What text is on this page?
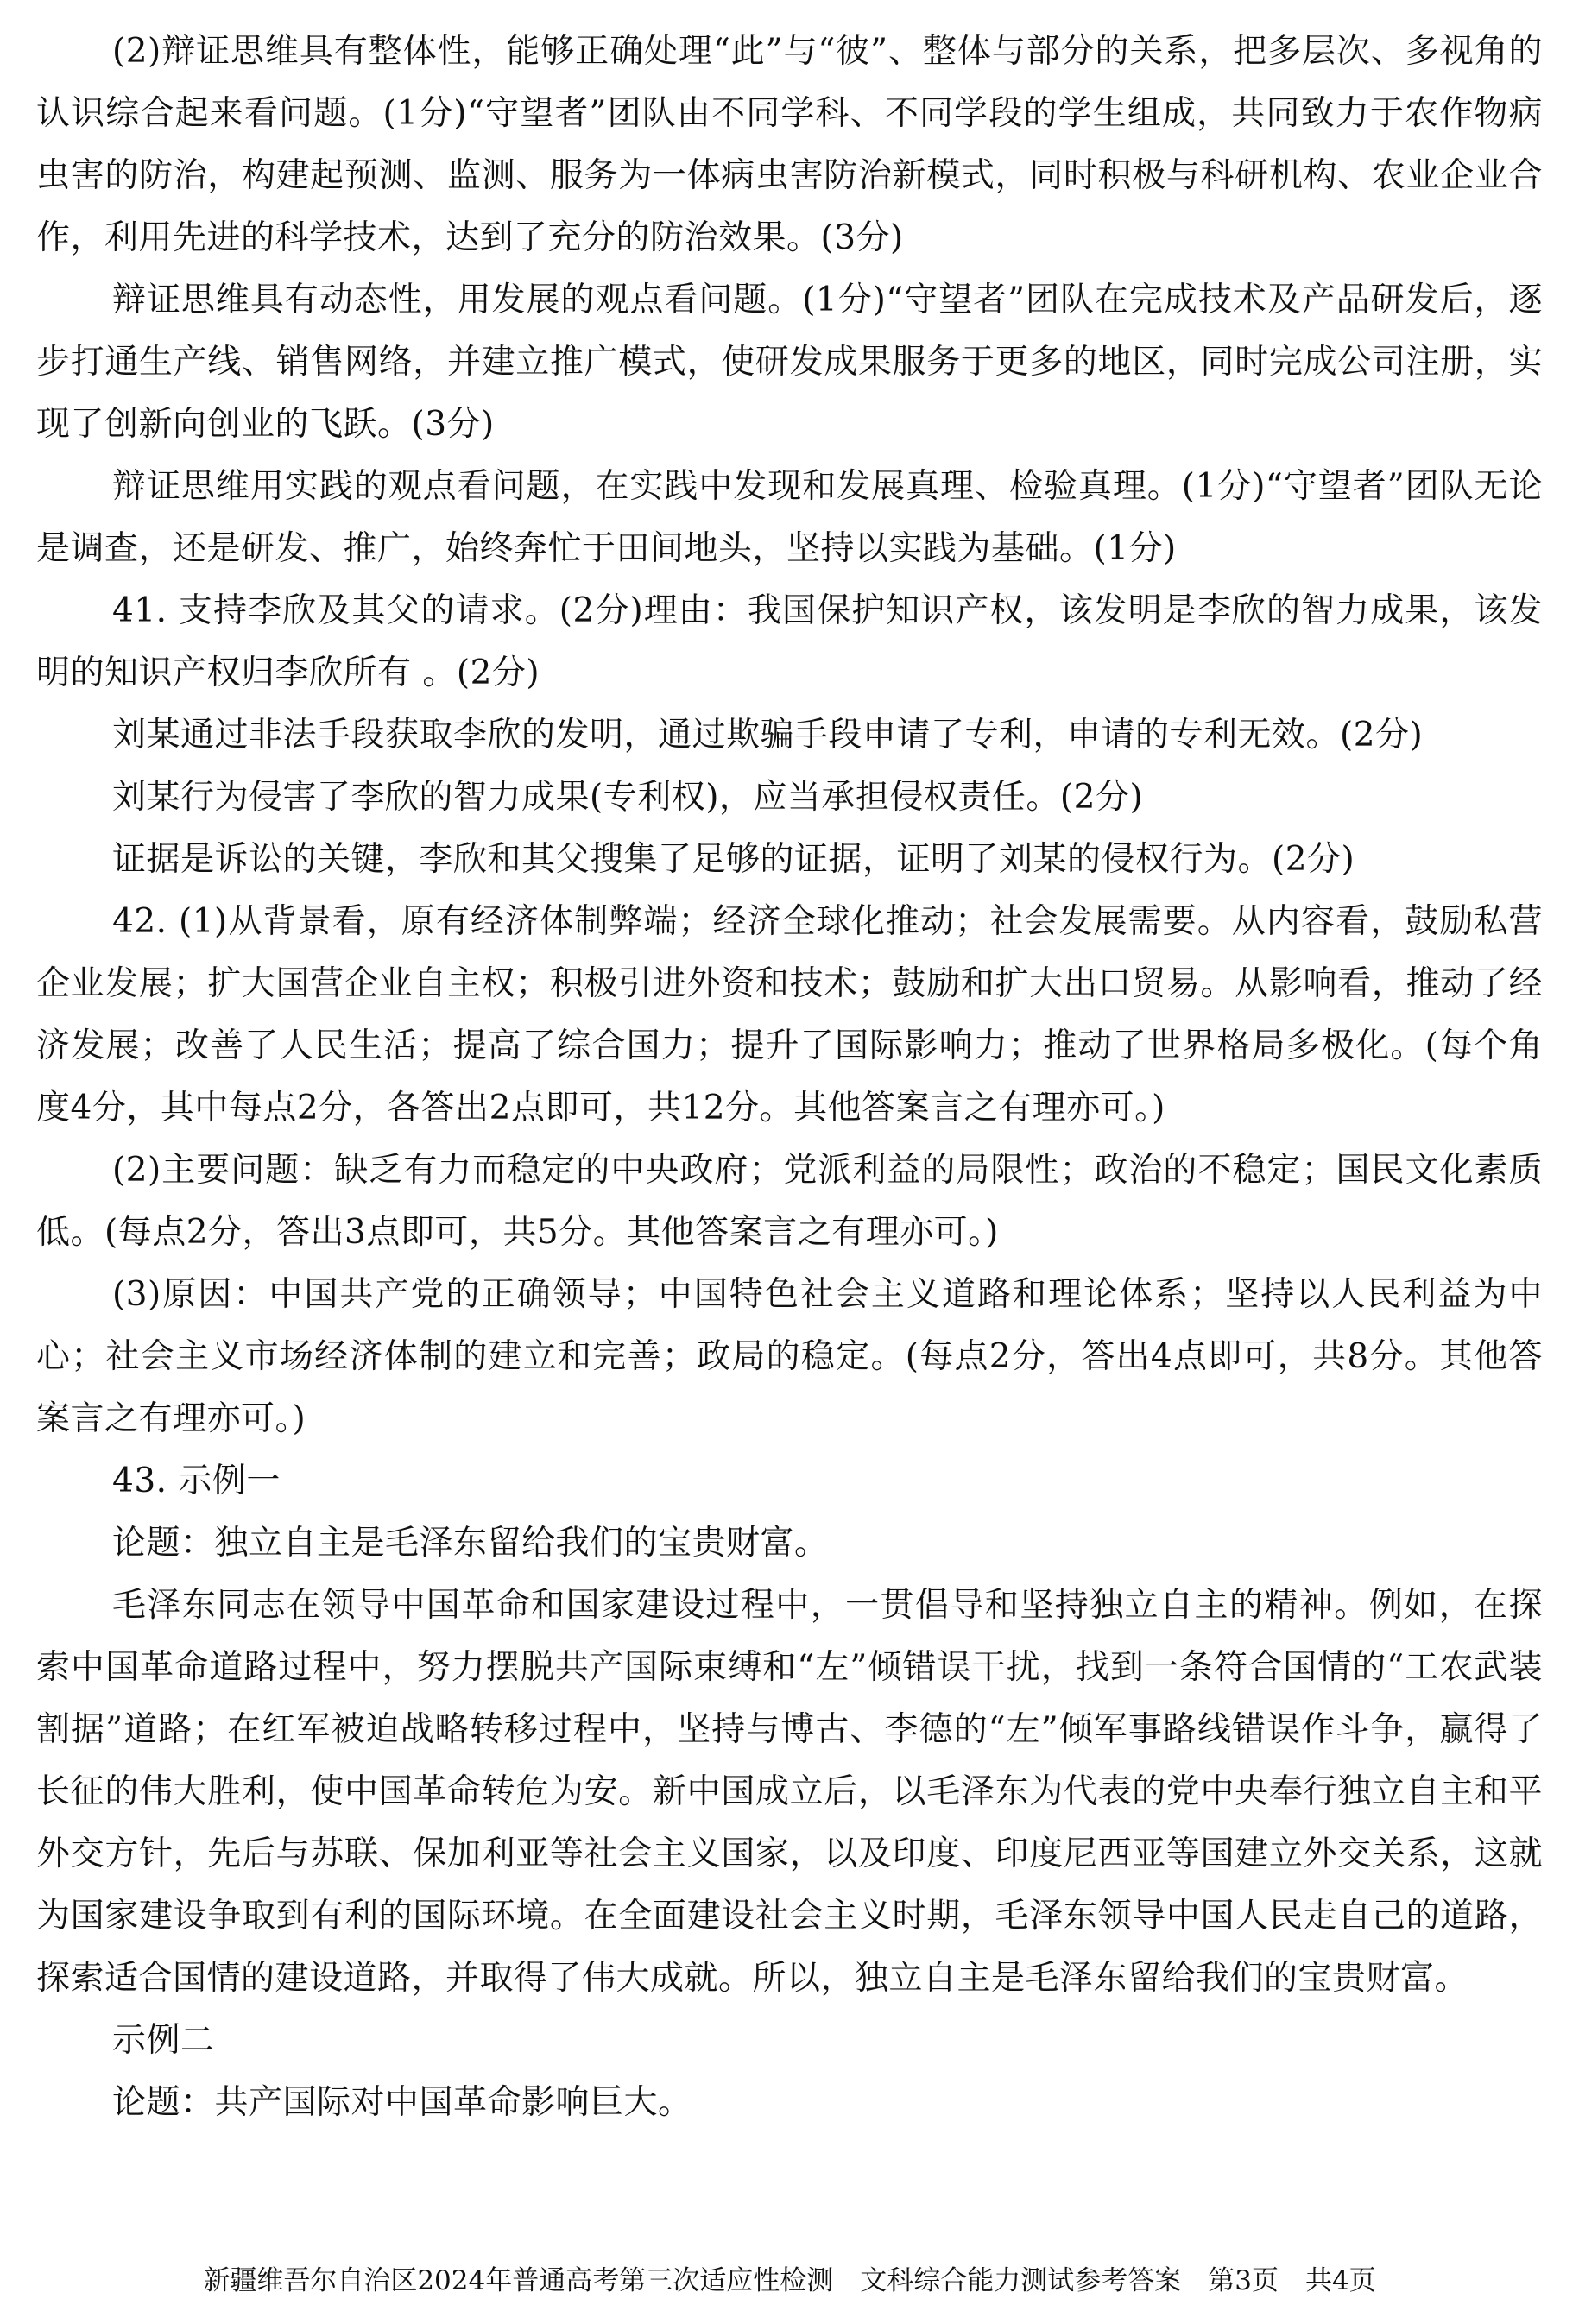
(2)辩证思维具有整体性，能够正确处理“此”与“彼”、整体与部分的关系，把多层次、多视角的认识综合起来看问题。(1分)“守望者”团队由不同学科、不同学段的学生组成，共同致力于农作物病虫害的防治，构建起预测、监测、服务为一体病虫害防治新模式，同时积极与科研机构、农业企业合作，利用先进的科学技术，达到了充分的防治效果。(3分)

辩证思维具有动态性，用发展的观点看问题。(1分)“守望者”团队在完成技术及产品研发后，逐步打通生产线、销售网络，并建立推广模式，使研发成果服务于更多的地区，同时完成公司注册，实现了创新向创业的飞跃。(3分)

辩证思维用实践的观点看问题，在实践中发现和发展真理、检验真理。(1分)“守望者”团队无论是调查，还是研发、推广，始终奔忙于田间地头，坚持以实践为基础。(1分)

41. 支持李欣及其父的请求。(2分)理由：我国保护知识产权，该发明是李欣的智力成果，该发明的知识产权归李欣所有 。(2分)

刘某通过非法手段获取李欣的发明，通过欺骗手段申请了专利，申请的专利无效。(2分)

刘某行为侵害了李欣的智力成果(专利权)，应当承担侵权责任。(2分)

证据是诉讼的关键，李欣和其父搜集了足够的证据，证明了刘某的侵权行为。(2分)

42. (1)从背景看，原有经济体制弊端；经济全球化推动；社会发展需要。从内容看，鼓励私营企业发展；扩大国营企业自主权；积极引进外资和技术；鼓励和扩大出口贸易。从影响看，推动了经济发展；改善了人民生活；提高了综合国力；提升了国际影响力；推动了世界格局多极化。(每个角度4分，其中每点2分，各答出2点即可，共12分。其他答案言之有理亦可。)

(2)主要问题：缺乏有力而稳定的中央政府；党派利益的局限性；政治的不稳定；国民文化素质低。(每点2分，答出3点即可，共5分。其他答案言之有理亦可。)

(3)原因：中国共产党的正确领导；中国特色社会主义道路和理论体系；坚持以人民利益为中心；社会主义市场经济体制的建立和完善；政局的稳定。(每点2分，答出4点即可，共8分。其他答案言之有理亦可。)

43. 示例一

论题：独立自主是毛泽东留给我们的宝贵财富。

毛泽东同志在领导中国革命和国家建设过程中，一贯倡导和坚持独立自主的精神。例如，在探索中国革命道路过程中，努力摆脱共产国际束缚和“左”倾错误干扰，找到一条符合国情的“工农武装割据”道路；在红军被迫战略转移过程中，坚持与博古、李德的“左”倾军事路线错误作斗争，赢得了长征的伟大胜利，使中国革命转危为安。新中国成立后，以毛泽东为代表的党中央奉行独立自主和平外交方针，先后与苏联、保加利亚等社会主义国家，以及印度、印度尼西亚等国建立外交关系，这就为国家建设争取到有利的国际环境。在全面建设社会主义时期，毛泽东领导中国人民走自己的道路，探索适合国情的建设道路，并取得了伟大成就。所以，独立自主是毛泽东留给我们的宝贵财富。

示例二

论题：共产国际对中国革命影响巨大。

新疆维吾尔自治区2024年普通高考第三次适应性检测　文科综合能力测试参考答案　第3页　共4页
